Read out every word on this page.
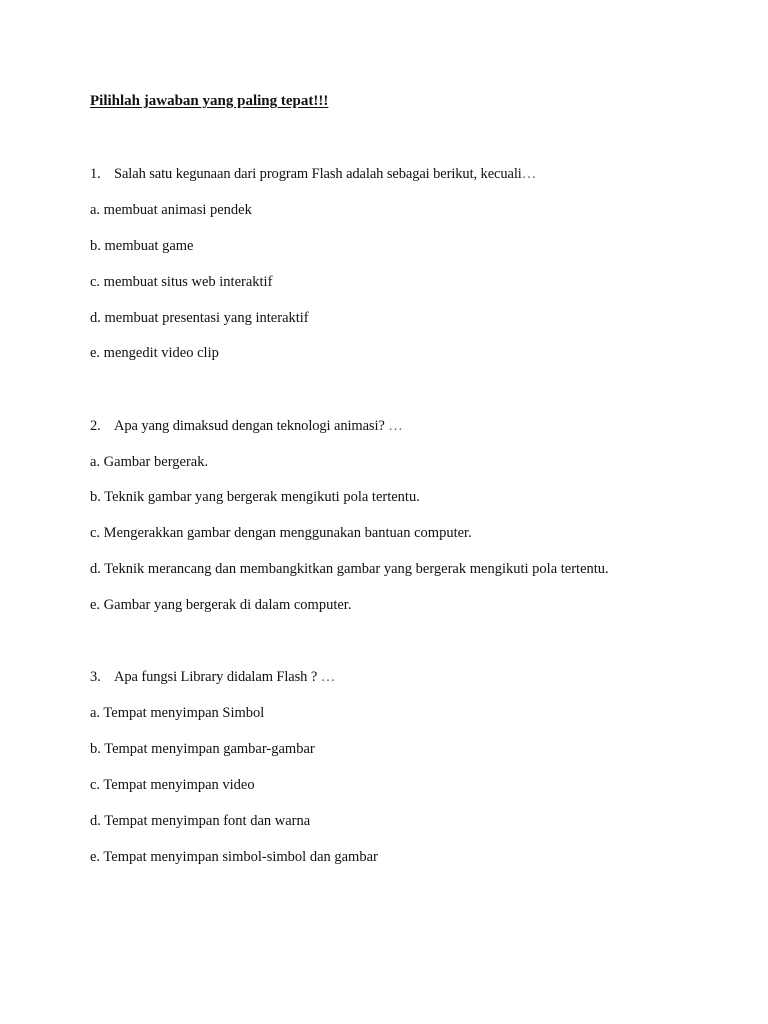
Pilihlah jawaban yang paling tepat!!!
1. Salah satu kegunaan dari program Flash adalah sebagai berikut, kecuali…
a. membuat animasi pendek
b. membuat game
c. membuat situs web interaktif
d. membuat presentasi yang interaktif
e. mengedit video clip
2. Apa yang dimaksud dengan teknologi animasi? …
a. Gambar bergerak.
b. Teknik gambar yang bergerak mengikuti pola tertentu.
c. Mengerakkan gambar dengan menggunakan bantuan computer.
d. Teknik merancang dan membangkitkan gambar yang bergerak mengikuti pola tertentu.
e. Gambar yang bergerak di dalam computer.
3. Apa fungsi Library didalam Flash ? …
a. Tempat menyimpan Simbol
b. Tempat menyimpan gambar-gambar
c. Tempat menyimpan video
d. Tempat menyimpan font dan warna
e. Tempat menyimpan simbol-simbol dan gambar
